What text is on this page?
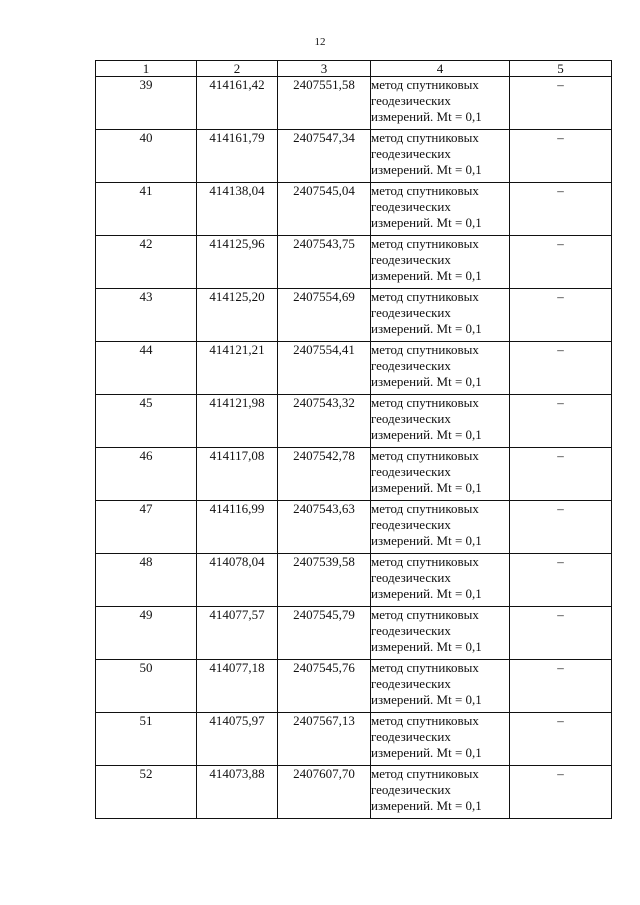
12
1	2	3	4	5
39	414161,42	2407551,58	метод спутниковых
геодезических
измерений. Mt = 0,1	–
40	414161,79	2407547,34	метод спутниковых
геодезических
измерений. Mt = 0,1	–
41	414138,04	2407545,04	метод спутниковых
геодезических
измерений. Mt = 0,1	–
42	414125,96	2407543,75	метод спутниковых
геодезических
измерений. Mt = 0,1	–
43	414125,20	2407554,69	метод спутниковых
геодезических
измерений. Mt = 0,1	–
44	414121,21	2407554,41	метод спутниковых
геодезических
измерений. Mt = 0,1	–
45	414121,98	2407543,32	метод спутниковых
геодезических
измерений. Mt = 0,1	–
46	414117,08	2407542,78	метод спутниковых
геодезических
измерений. Mt = 0,1	–
47	414116,99	2407543,63	метод спутниковых
геодезических
измерений. Mt = 0,1	–
48	414078,04	2407539,58	метод спутниковых
геодезических
измерений. Mt = 0,1	–
49	414077,57	2407545,79	метод спутниковых
геодезических
измерений. Mt = 0,1	–
50	414077,18	2407545,76	метод спутниковых
геодезических
измерений. Mt = 0,1	–
51	414075,97	2407567,13	метод спутниковых
геодезических
измерений. Mt = 0,1	–
52	414073,88	2407607,70	метод спутниковых
геодезических
измерений. Mt = 0,1	–
